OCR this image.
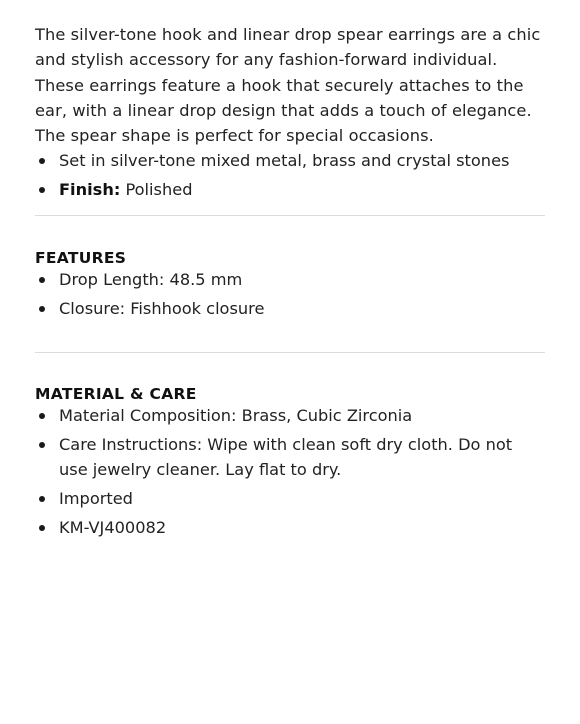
The silver-tone hook and linear drop spear earrings are a chic and stylish accessory for any fashion-forward individual. These earrings feature a hook that securely attaches to the ear, with a linear drop design that adds a touch of elegance. The spear shape is perfect for special occasions.

Set in silver-tone mixed metal, brass and crystal stones
Finish: Polished
FEATURES
Drop Length: 48.5 mm
Closure: Fishhook closure
MATERIAL & CARE
Material Composition: Brass, Cubic Zirconia
Care Instructions: Wipe with clean soft dry cloth. Do not use jewelry cleaner. Lay flat to dry.
Imported
KM-VJ400082
